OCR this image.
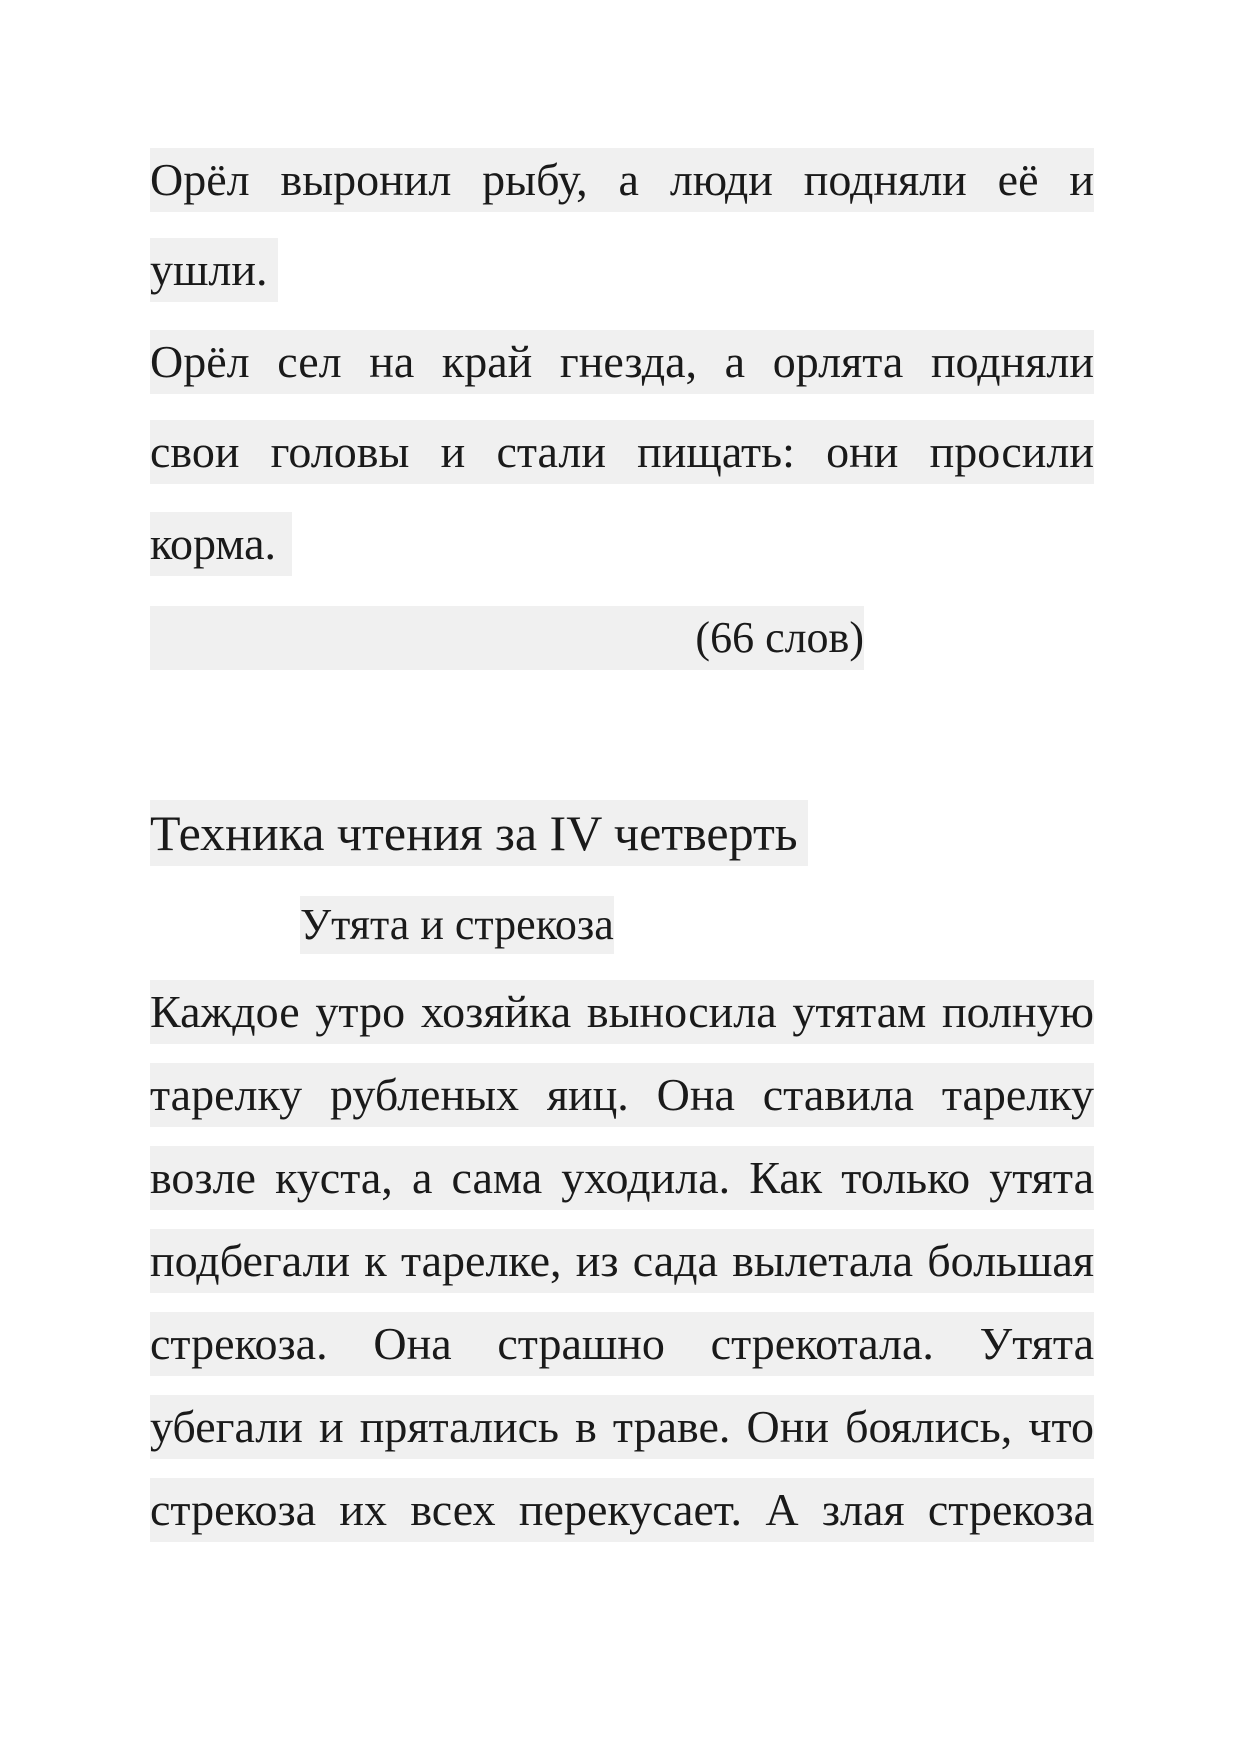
Орёл выронил рыбу, а люди подняли её и
ушли.
Орёл сел на край гнезда, а орлята подняли
свои головы и стали пищать: они просили
корма.
(66 слов)
Техника чтения за IV четверть
Утята и стрекоза
Каждое утро хозяйка выносила утятам полную
тарелку рубленых яиц. Она ставила тарелку
возле куста, а сама уходила. Как только утята
подбегали к тарелке, из сада вылетала большая
стрекоза. Она страшно стрекотала. Утята
убегали и прятались в траве. Они боялись, что
стрекоза их всех перекусает. А злая стрекоза
